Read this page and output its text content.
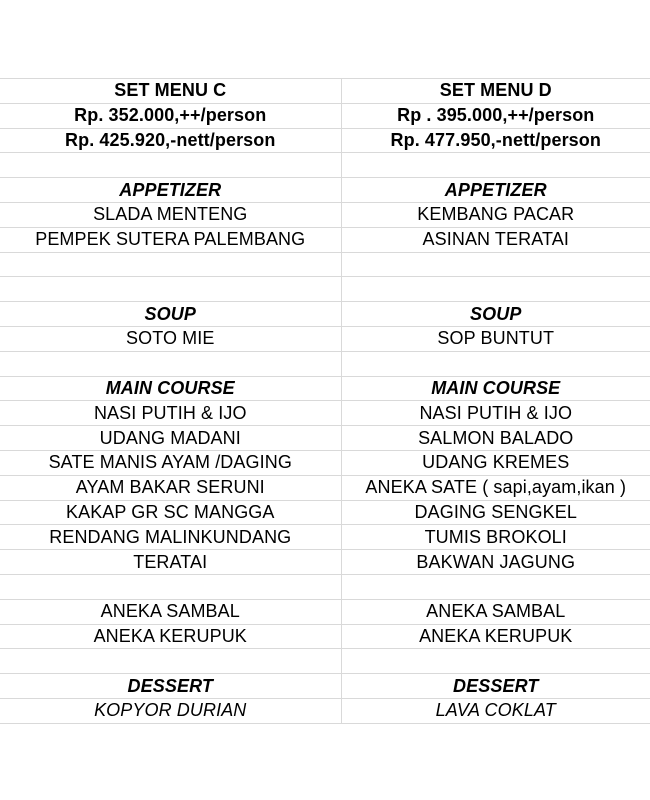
SET MENU C	SET MENU D
Rp. 352.000,++/person	Rp . 395.000,++/person
Rp. 425.920,-nett/person	Rp. 477.950,-nett/person

APPETIZER	APPETIZER
SLADA MENTENG	KEMBANG PACAR
PEMPEK SUTERA PALEMBANG	ASINAN TERATAI

SOUP	SOUP
SOTO MIE	SOP BUNTUT

MAIN COURSE	MAIN COURSE
NASI PUTIH & IJO	NASI PUTIH & IJO
UDANG MADANI	SALMON BALADO
SATE MANIS AYAM /DAGING	UDANG KREMES
AYAM BAKAR SERUNI	ANEKA SATE ( sapi,ayam,ikan )
KAKAP GR SC MANGGA	DAGING SENGKEL
RENDANG MALINKUNDANG	TUMIS BROKOLI
TERATAI	BAKWAN JAGUNG

ANEKA SAMBAL	ANEKA SAMBAL
ANEKA KERUPUK	ANEKA KERUPUK

DESSERT	DESSERT
KOPYOR DURIAN	LAVA COKLAT
